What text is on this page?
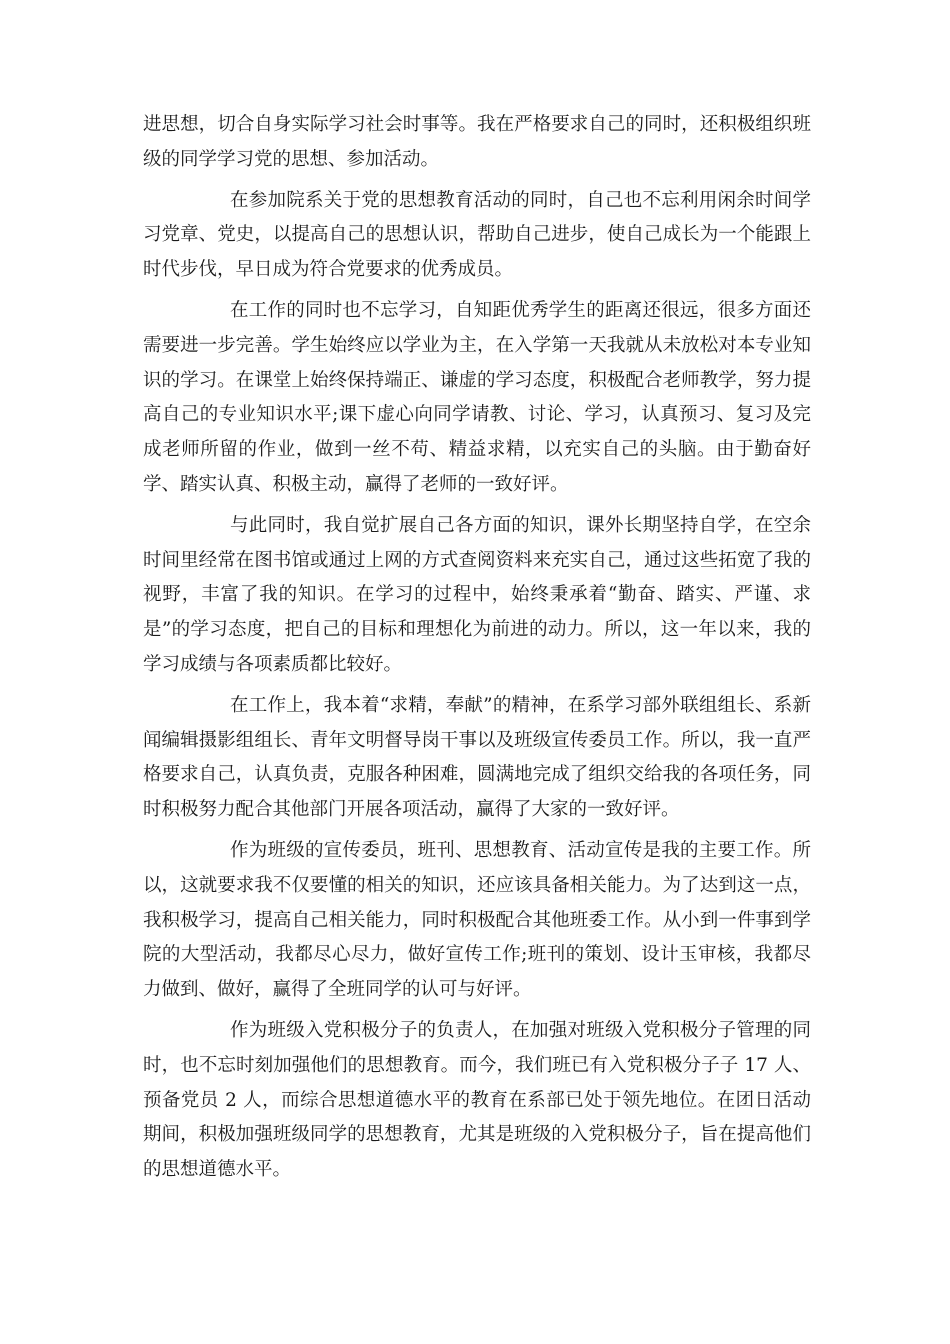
进思想，切合自身实际学习社会时事等。我在严格要求自己的同时，还积极组织班级的同学学习党的思想、参加活动。

在参加院系关于党的思想教育活动的同时，自己也不忘利用闲余时间学习党章、党史，以提高自己的思想认识，帮助自己进步，使自己成长为一个能跟上时代步伐，早日成为符合党要求的优秀成员。

在工作的同时也不忘学习，自知距优秀学生的距离还很远，很多方面还需要进一步完善。学生始终应以学业为主，在入学第一天我就从未放松对本专业知识的学习。在课堂上始终保持端正、谦虚的学习态度，积极配合老师教学，努力提高自己的专业知识水平;课下虚心向同学请教、讨论、学习，认真预习、复习及完成老师所留的作业，做到一丝不苟、精益求精，以充实自己的头脑。由于勤奋好学、踏实认真、积极主动，赢得了老师的一致好评。

与此同时，我自觉扩展自己各方面的知识，课外长期坚持自学，在空余时间里经常在图书馆或通过上网的方式查阅资料来充实自己，通过这些拓宽了我的视野，丰富了我的知识。在学习的过程中，始终秉承着“勤奋、踏实、严谨、求是”的学习态度，把自己的目标和理想化为前进的动力。所以，这一年以来，我的学习成绩与各项素质都比较好。

在工作上，我本着“求精，奉献”的精神，在系学习部外联组组长、系新闻编辑摄影组组长、青年文明督导岗干事以及班级宣传委员工作。所以，我一直严格要求自己，认真负责，克服各种困难，圆满地完成了组织交给我的各项任务，同时积极努力配合其他部门开展各项活动，赢得了大家的一致好评。

作为班级的宣传委员，班刊、思想教育、活动宣传是我的主要工作。所以，这就要求我不仅要懂的相关的知识，还应该具备相关能力。为了达到这一点，我积极学习，提高自己相关能力，同时积极配合其他班委工作。从小到一件事到学院的大型活动，我都尽心尽力，做好宣传工作;班刊的策划、设计玉审核，我都尽力做到、做好，赢得了全班同学的认可与好评。

作为班级入党积极分子的负责人，在加强对班级入党积极分子管理的同时，也不忘时刻加强他们的思想教育。而今，我们班已有入党积极分子子 17 人、预备党员 2 人，而综合思想道德水平的教育在系部已处于领先地位。在团日活动期间，积极加强班级同学的思想教育，尤其是班级的入党积极分子，旨在提高他们的思想道德水平。
